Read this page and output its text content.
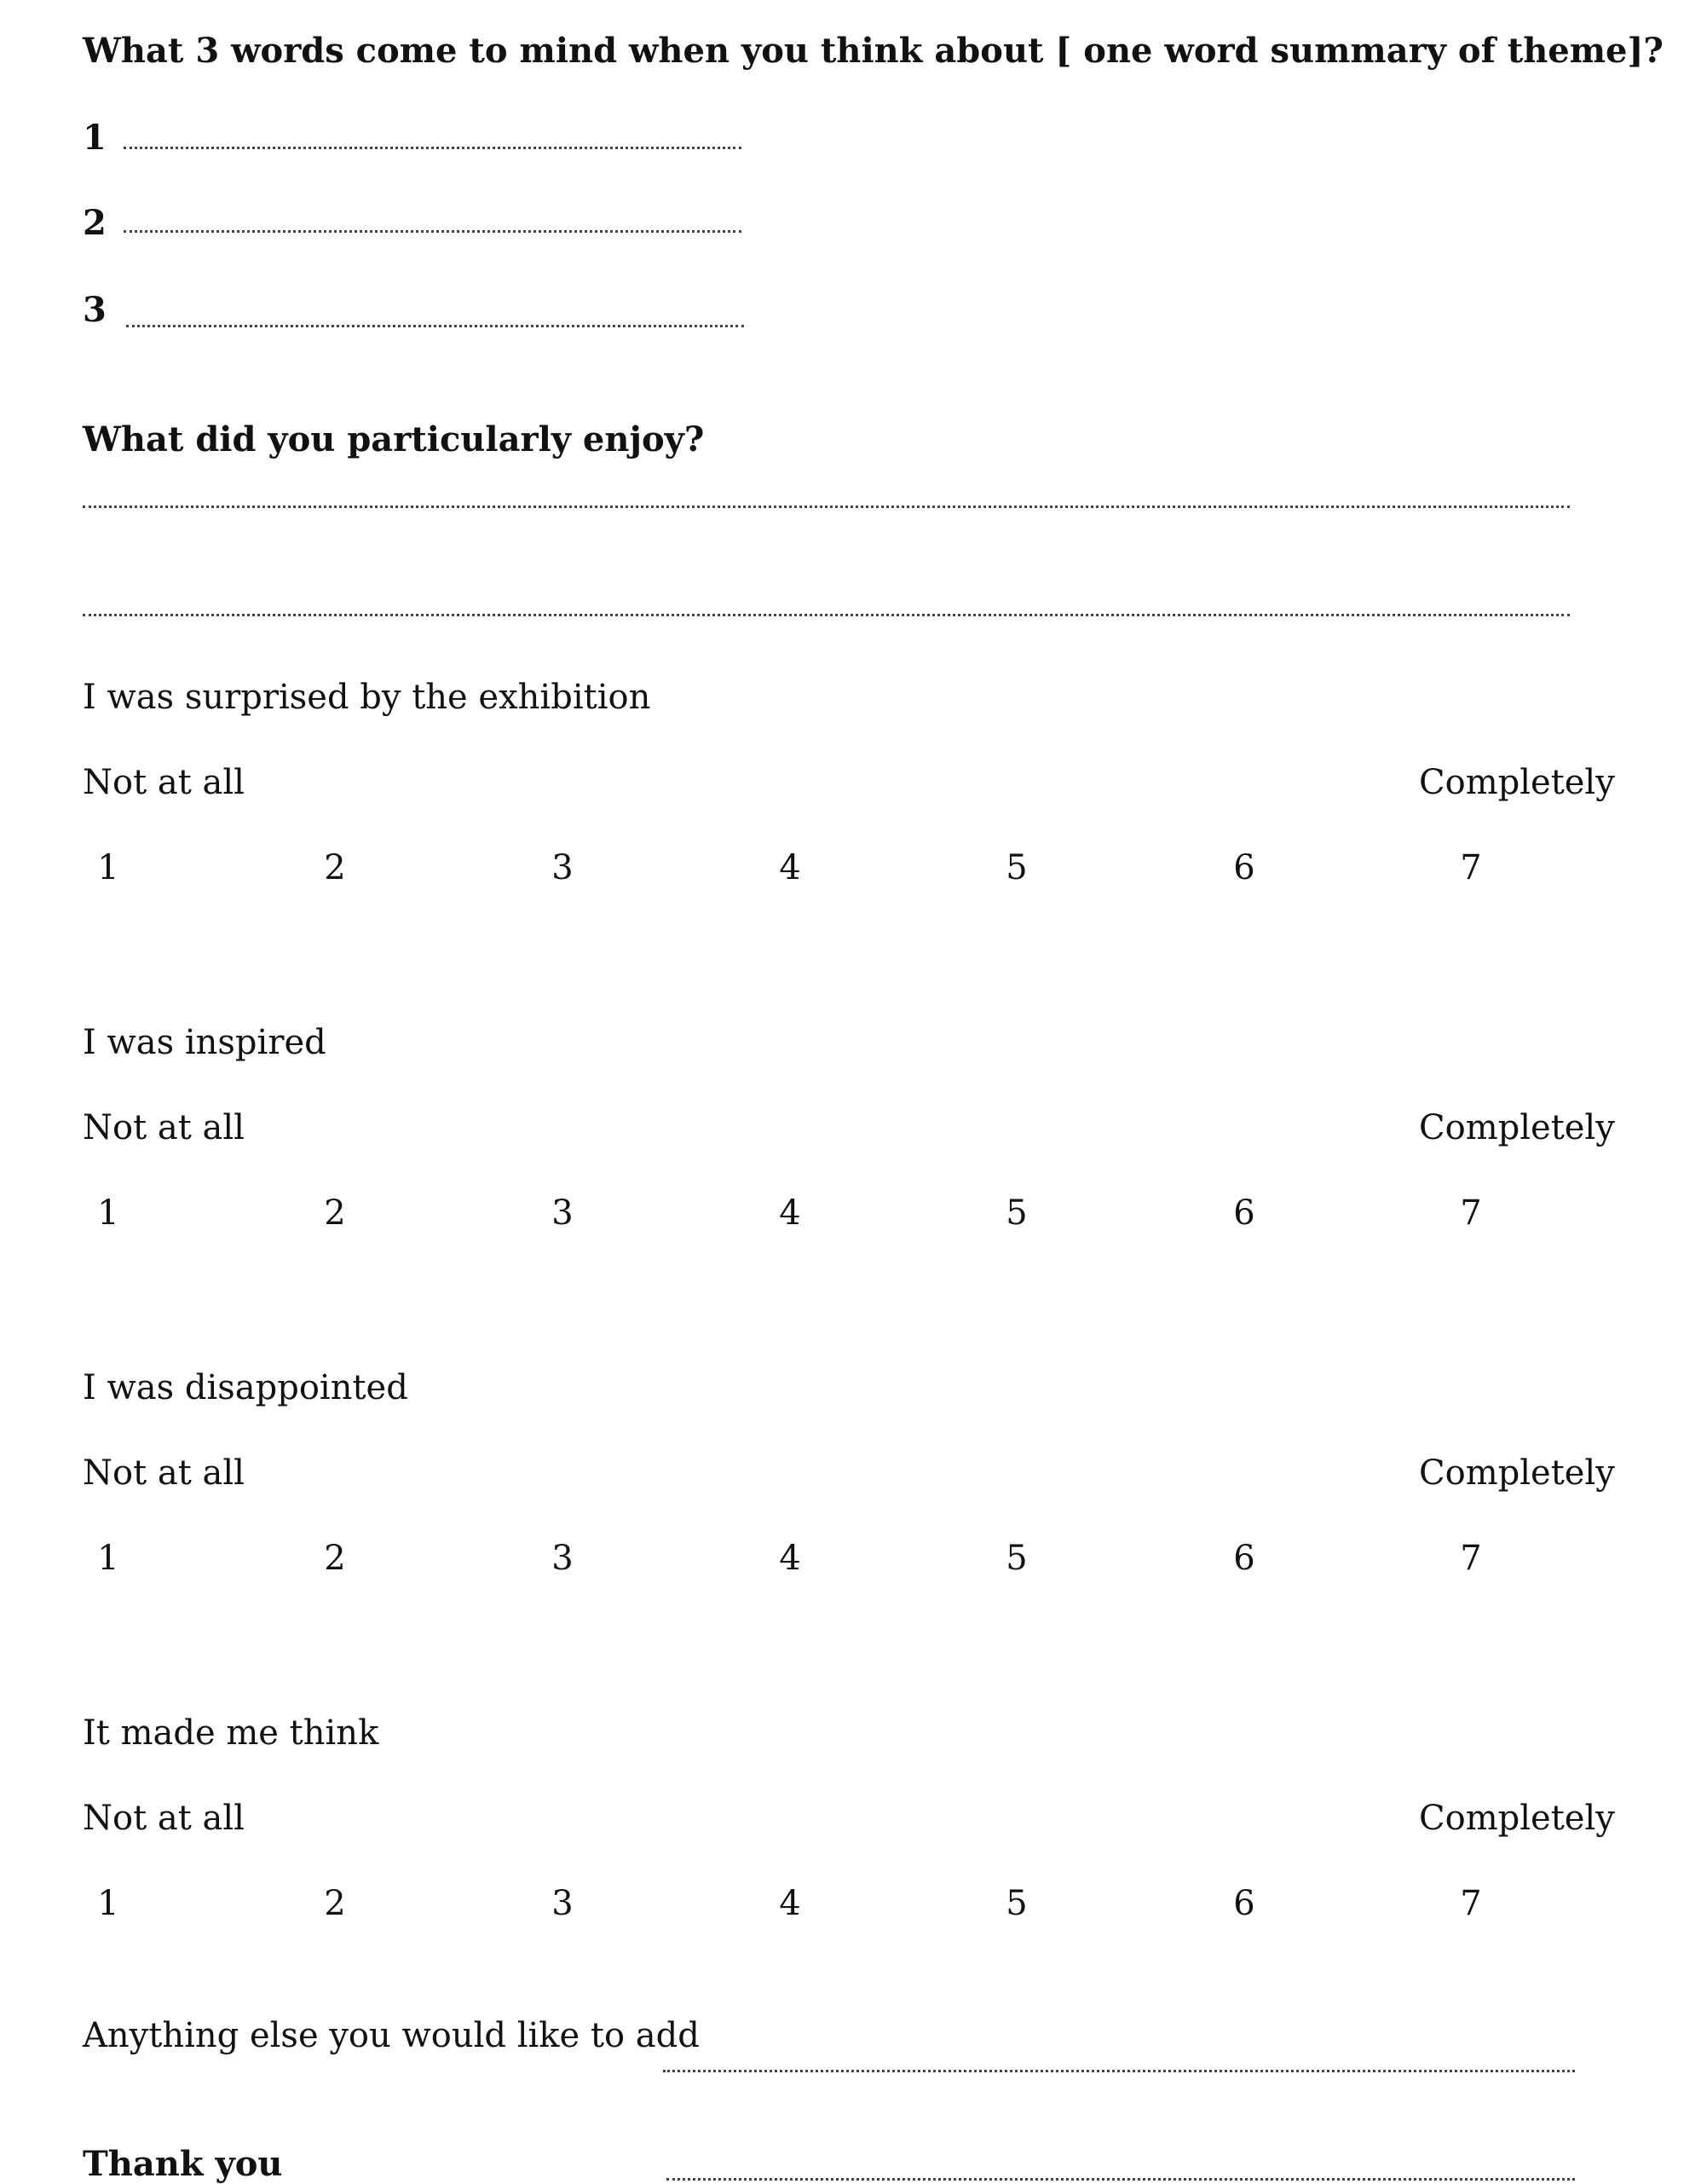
What 3 words come to mind when you think about [ one word summary of theme]?
1
2
3
What did you particularly enjoy?
I was surprised by the exhibition
Not at all	Completely
1	2	3	4	5	6	7
I was inspired
Not at all	Completely
1	2	3	4	5	6	7
I was disappointed
Not at all	Completely
1	2	3	4	5	6	7
It made me think
Not at all	Completely
1	2	3	4	5	6	7
Anything else you would like to add
Thank you
